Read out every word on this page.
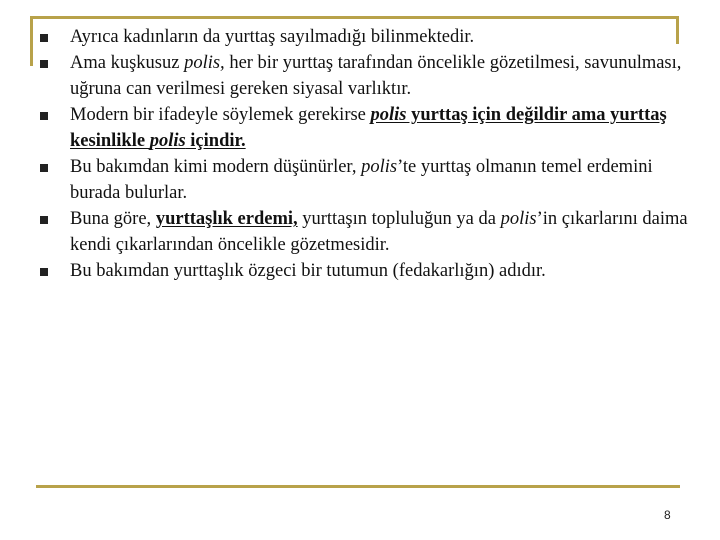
Ayrıca kadınların da yurttaş sayılmadığı bilinmektedir.
Ama kuşkusuz polis, her bir yurttaş tarafından öncelikle gözetilmesi, savunulması, uğruna can verilmesi gereken siyasal varlıktır.
Modern bir ifadeyle söylemek gerekirse polis yurttaş için değildir ama yurttaş kesinlikle polis içindir.
Bu bakımdan kimi modern düşünürler, polis’te yurttaş olmanın temel erdemini burada bulurlar.
Buna göre, yurttaşlık erdemi, yurttaşın topluluğun ya da polis’in çıkarlarını daima kendi çıkarlarından öncelikle gözetmesidir.
Bu bakımdan yurttaşlık özgeci bir tutumun (fedakarlığın) adıdır.
8
